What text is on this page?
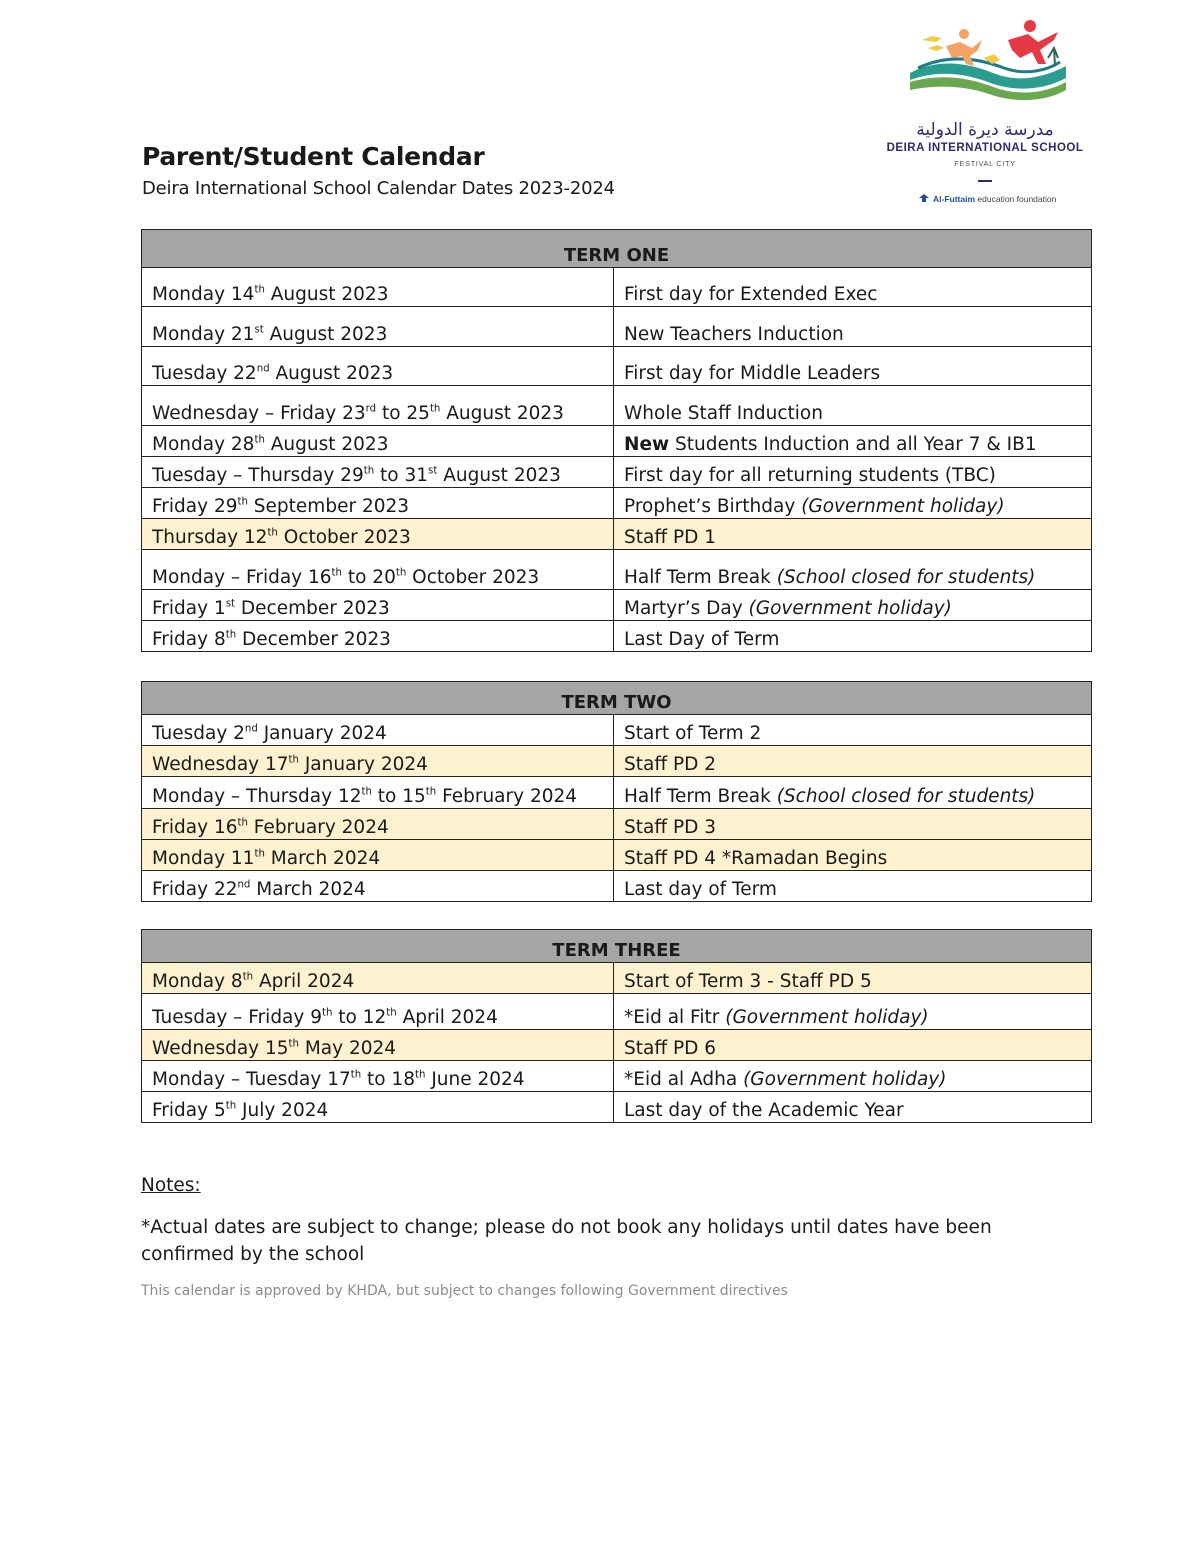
مدرسة ديرة الدولية
DEIRA INTERNATIONAL SCHOOL
FESTIVAL CITY
Al-Futtaim education foundation
Parent/Student Calendar

Deira International School Calendar Dates 2023-2024

TERM ONE	
Monday 14th August 2023	First day for Extended Exec
Monday 21st August 2023	New Teachers Induction
Tuesday 22nd August 2023	First day for Middle Leaders
Wednesday – Friday 23rd to 25th August 2023	Whole Staff Induction
Monday 28th August 2023	New Students Induction and all Year 7 & IB1
Tuesday – Thursday 29th to 31st August 2023	First day for all returning students (TBC)
Friday 29th September 2023	Prophet’s Birthday (Government holiday)
Thursday 12th October 2023	Staff PD 1
Monday – Friday 16th to 20th October 2023	Half Term Break (School closed for students)
Friday 1st December 2023	Martyr’s Day (Government holiday)
Friday 8th December 2023	Last Day of Term
TERM TWO	
Tuesday 2nd January 2024	Start of Term 2
Wednesday 17th January 2024	Staff PD 2
Monday – Thursday 12th to 15th February 2024	Half Term Break (School closed for students)
Friday 16th February 2024	Staff PD 3
Monday 11th March 2024	Staff PD 4 *Ramadan Begins
Friday 22nd March 2024	Last day of Term
TERM THREE	
Monday 8th April 2024	Start of Term 3 - Staff PD 5
Tuesday – Friday 9th to 12th April 2024	*Eid al Fitr (Government holiday)
Wednesday 15th May 2024	Staff PD 6
Monday – Tuesday 17th to 18th June 2024	*Eid al Adha (Government holiday)
Friday 5th July 2024	Last day of the Academic Year
Notes:
*Actual dates are subject to change; please do not book any holidays until dates have been confirmed by the school
This calendar is approved by KHDA, but subject to changes following Government directives
